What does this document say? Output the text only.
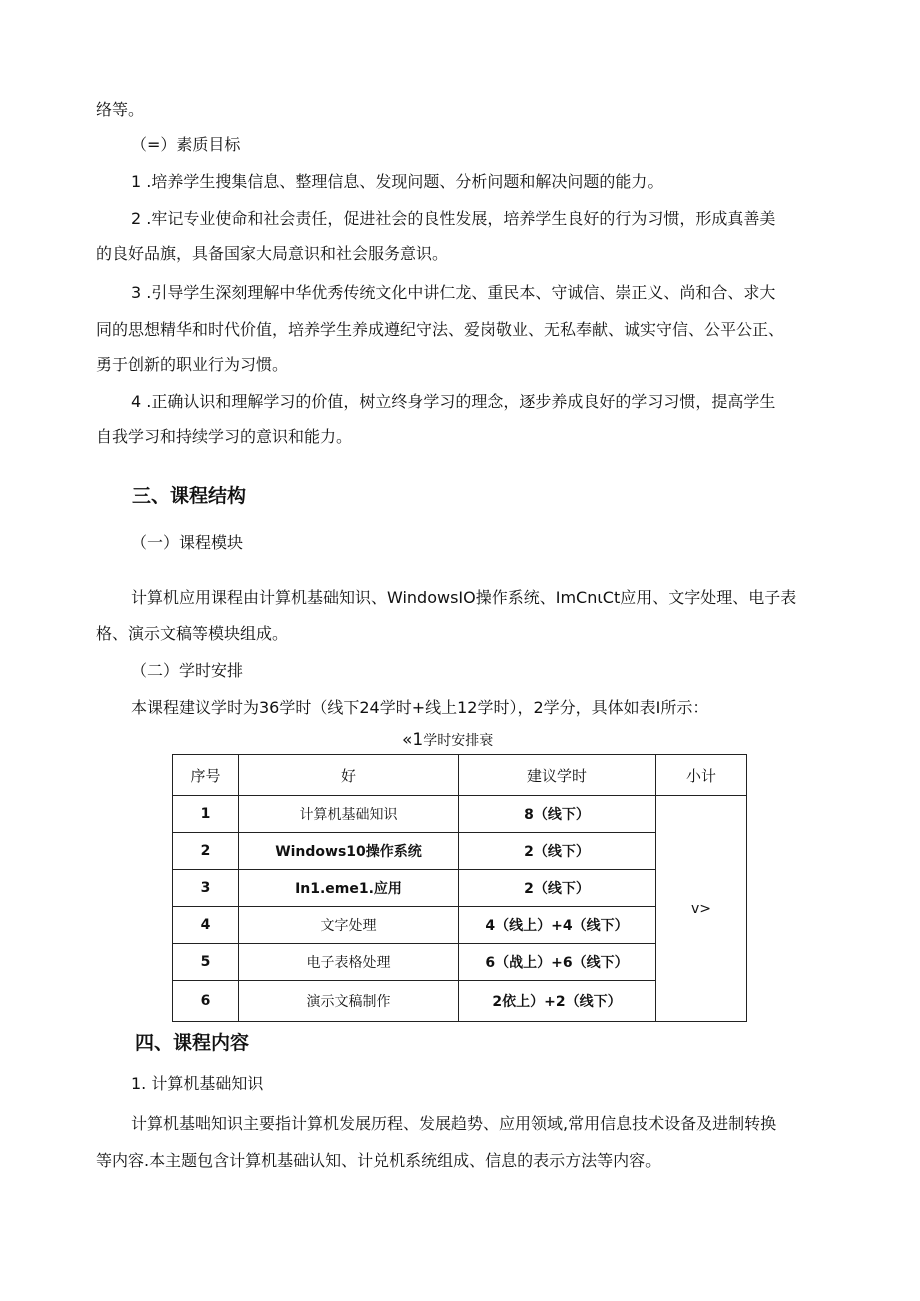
络等。
（=）素质目标
1 .培养学生搜集信息、整理信息、发现问题、分析问题和解决问题的能力。
2 .牢记专业使命和社会责任，促进社会的良性发展，培养学生良好的行为习惯，形成真善美
的良好品旗，具备国家大局意识和社会服务意识。
3 .引导学生深刻理解中华优秀传统文化中讲仁龙、重民本、守诚信、崇正义、尚和合、求大
同的思想精华和时代价值，培养学生养成遵纪守法、爱岗敬业、无私奉献、诚实守信、公平公正、
勇于创新的职业行为习惯。
4 .正确认识和理解学习的价值，树立终身学习的理念，逐步养成良好的学习习惯，提高学生
自我学习和持续学习的意识和能力。
三、课程结构
（一）课程模块
计算机应用课程由计算机基础知识、WindowsIO操作系统、ImCnιCt应用、文字处理、电子表
格、演示文稿等模块组成。
（二）学时安排
本课程建议学时为36学时（线下24学时+线上12学时），2学分，具体如表I所示：
«1学时安排衰
序号	好	建议学时	小计
1	计算机基础知识	8（线下）	v>
2	Windows10操作系统	2（线下）	
3	In1.eme1.应用	2（线下）	
4	文字处理	4（线上）+4（线下）	
5	电子表格处理	6（战上）+6（线下）	
6	演示文稿制作	2依上）+2（线下）	
四、课程内容
1. 计算机基础知识
计算机基咄知识主要指计算机发展历程、发展趋势、应用领域,常用信息技术设备及进制转换
等内容.本主题包含计算机基础认知、计兑机系统组成、信息的表示方法等内容。
